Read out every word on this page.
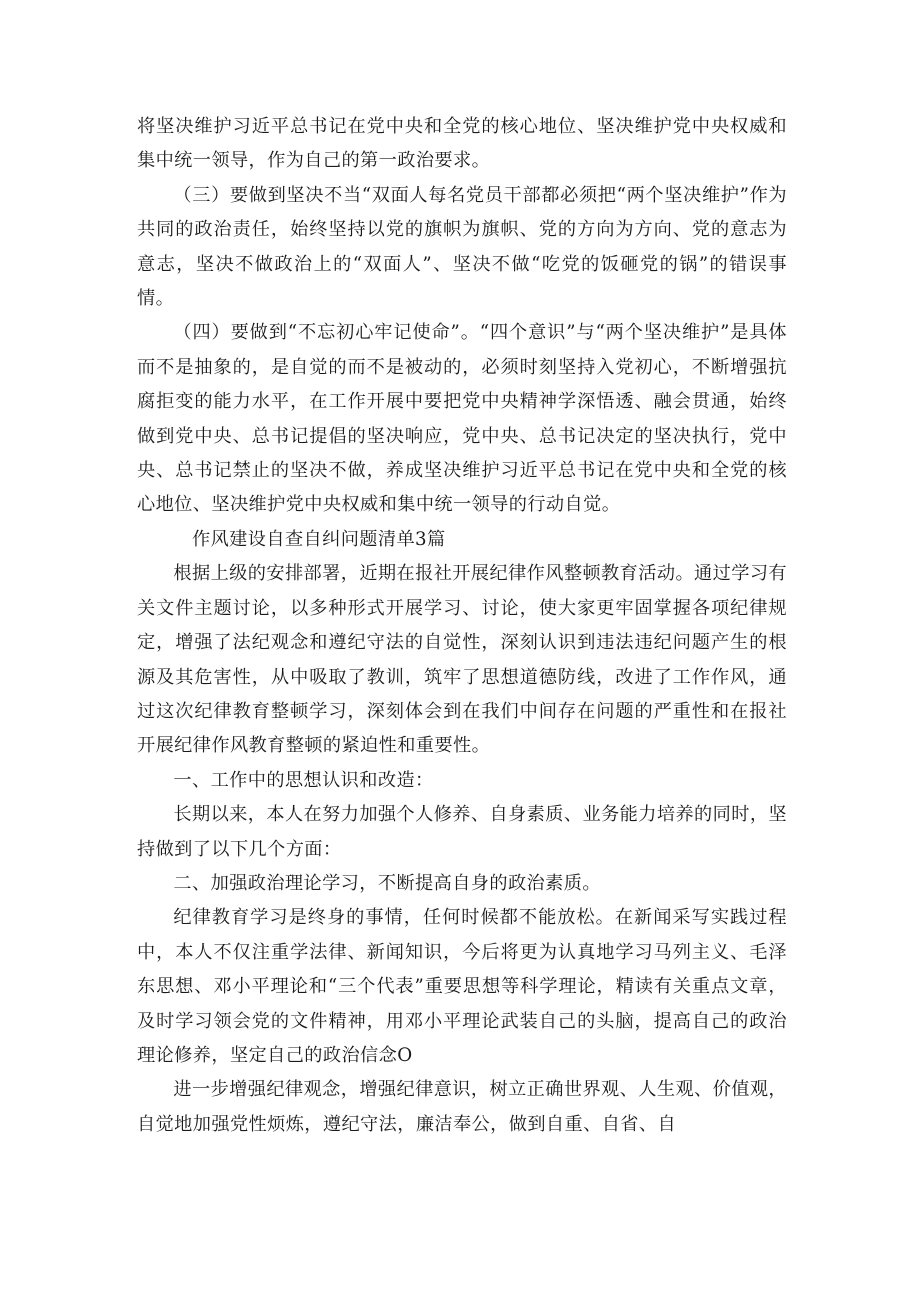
将坚决维护习近平总书记在党中央和全党的核心地位、坚决维护党中央权威和集中统一领导，作为自己的第一政治要求。

（三）要做到坚决不当“双面人每名党员干部都必须把“两个坚决维护”作为共同的政治责任，始终坚持以党的旗帜为旗帜、党的方向为方向、党的意志为意志，坚决不做政治上的“双面人”、坚决不做“吃党的饭砸党的锅”的错误事情。

（四）要做到“不忘初心牢记使命”。“四个意识”与“两个坚决维护”是具体而不是抽象的，是自觉的而不是被动的，必须时刻坚持入党初心，不断增强抗腐拒变的能力水平，在工作开展中要把党中央精神学深悟透、融会贯通，始终做到党中央、总书记提倡的坚决响应，党中央、总书记决定的坚决执行，党中央、总书记禁止的坚决不做，养成坚决维护习近平总书记在党中央和全党的核心地位、坚决维护党中央权威和集中统一领导的行动自觉。

作风建设自查自纠问题清单3篇

根据上级的安排部署，近期在报社开展纪律作风整顿教育活动。通过学习有关文件主题讨论，以多种形式开展学习、讨论，使大家更牢固掌握各项纪律规定，增强了法纪观念和遵纪守法的自觉性，深刻认识到违法违纪问题产生的根源及其危害性，从中吸取了教训，筑牢了思想道德防线，改进了工作作风，通过这次纪律教育整顿学习，深刻体会到在我们中间存在问题的严重性和在报社开展纪律作风教育整顿的紧迫性和重要性。

一、工作中的思想认识和改造：

长期以来，本人在努力加强个人修养、自身素质、业务能力培养的同时，坚持做到了以下几个方面：

二、加强政治理论学习，不断提高自身的政治素质。

纪律教育学习是终身的事情，任何时候都不能放松。在新闻采写实践过程中，本人不仅注重学法律、新闻知识，今后将更为认真地学习马列主义、毛泽东思想、邓小平理论和“三个代表”重要思想等科学理论，精读有关重点文章，及时学习领会党的文件精神，用邓小平理论武装自己的头脑，提高自己的政治理论修养，坚定自己的政治信念O

进一步增强纪律观念，增强纪律意识，树立正确世界观、人生观、价值观，自觉地加强党性烦炼，遵纪守法，廉洁奉公，做到自重、自省、自
